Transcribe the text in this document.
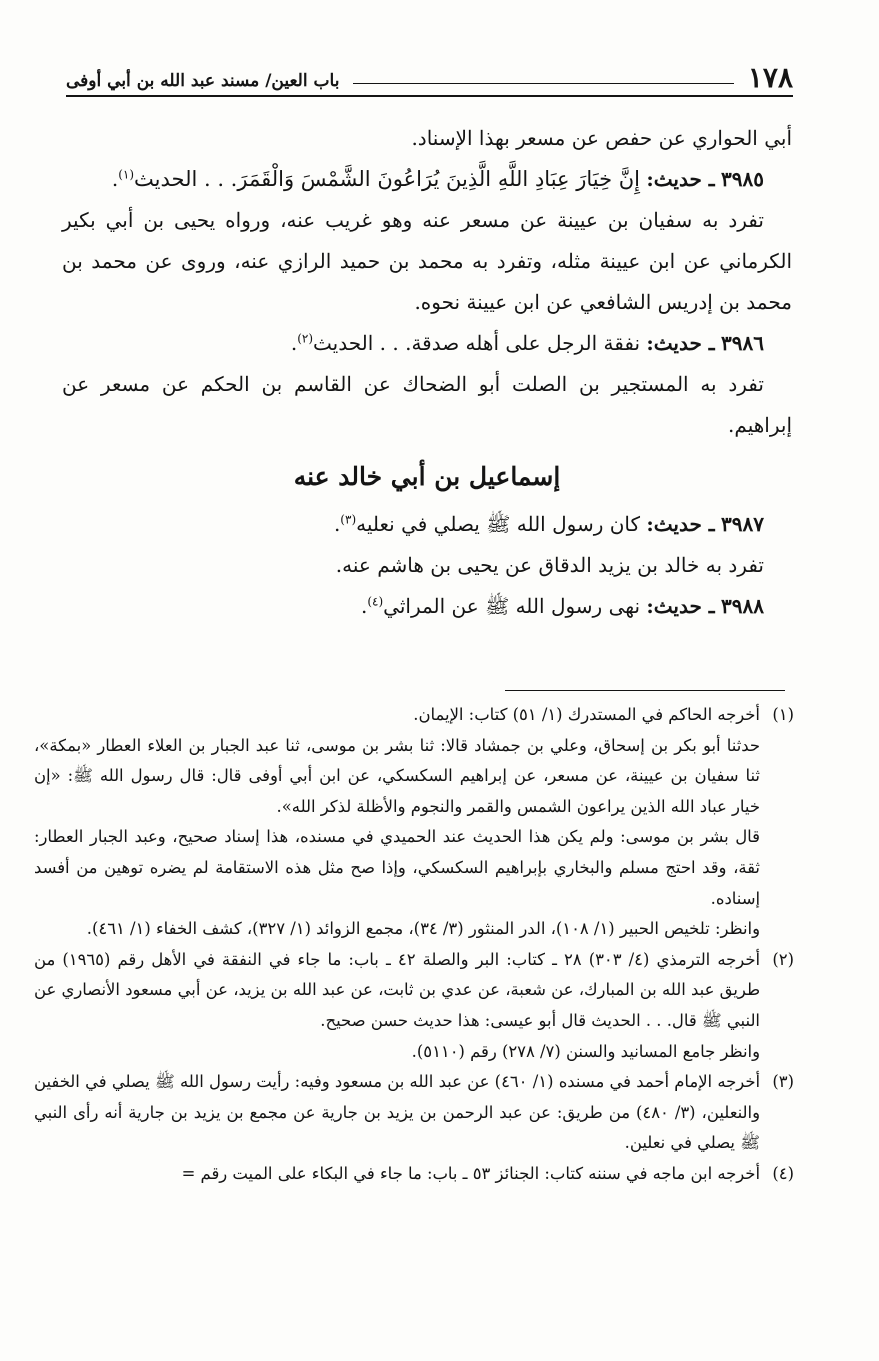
١٧٨
باب العين/ مسند عبد الله بن أبي أوفى

أبي الحواري عن حفص عن مسعر بهذا الإسناد.

٣٩٨٥ ـ حديث: إِنَّ خِيَارَ عِبَادِ اللَّهِ الَّذِينَ يُرَاعُونَ الشَّمْسَ وَالْقَمَرَ. . . الحديث$^{(١)}$.

تفرد به سفيان بن عيينة عن مسعر عنه وهو غريب عنه، ورواه يحيى بن أبي بكير الكرماني عن ابن عيينة مثله، وتفرد به محمد بن حميد الرازي عنه، وروى عن محمد بن محمد بن إدريس الشافعي عن ابن عيينة نحوه.

٣٩٨٦ ـ حديث: نفقة الرجل على أهله صدقة. . . الحديث$^{(٢)}$.

تفرد به المستجير بن الصلت أبو الضحاك عن القاسم بن الحكم عن مسعر عن إبراهيم.

إسماعيل بن أبي خالد عنه

٣٩٨٧ ـ حديث: كان رسول الله ﷺ يصلي في نعليه$^{(٣)}$.

تفرد به خالد بن يزيد الدقاق عن يحيى بن هاشم عنه.

٣٩٨٨ ـ حديث: نهى رسول الله ﷺ عن المراثي$^{(٤)}$.

(١)

أخرجه الحاكم في المستدرك (١/ ٥١) كتاب: الإيمان.

حدثنا أبو بكر بن إسحاق، وعلي بن جمشاد قالا: ثنا بشر بن موسى، ثنا عبد الجبار بن العلاء العطار «بمكة»، ثنا سفيان بن عيينة، عن مسعر، عن إبراهيم السكسكي، عن ابن أبي أوفى قال: قال رسول الله ﷺ: «إن خيار عباد الله الذين يراعون الشمس والقمر والنجوم والأظلة لذكر الله».

قال بشر بن موسى: ولم يكن هذا الحديث عند الحميدي في مسنده، هذا إسناد صحيح، وعبد الجبار العطار: ثقة، وقد احتج مسلم والبخاري بإبراهيم السكسكي، وإذا صح مثل هذه الاستقامة لم يضره توهين من أفسد إسناده.

وانظر: تلخيص الحبير (١/ ١٠٨)، الدر المنثور (٣/ ٣٤)، مجمع الزوائد (١/ ٣٢٧)، كشف الخفاء (١/ ٤٦١).

(٢)

أخرجه الترمذي (٤/ ٣٠٣) ٢٨ ـ كتاب: البر والصلة ٤٢ ـ باب: ما جاء في النفقة في الأهل رقم (١٩٦٥) من طريق عبد الله بن المبارك، عن شعبة، عن عدي بن ثابت، عن عبد الله بن يزيد، عن أبي مسعود الأنصاري عن النبي ﷺ قال. . . الحديث قال أبو عيسى: هذا حديث حسن صحيح.

وانظر جامع المسانيد والسنن (٧/ ٢٧٨) رقم (٥١١٠).

(٣)

أخرجه الإمام أحمد في مسنده (١/ ٤٦٠) عن عبد الله بن مسعود وفيه: رأيت رسول الله ﷺ يصلي في الخفين والنعلين، (٣/ ٤٨٠) من طريق: عن عبد الرحمن بن يزيد بن جارية عن مجمع بن يزيد بن جارية أنه رأى النبي ﷺ يصلي في نعلين.

(٤)

أخرجه ابن ماجه في سننه كتاب: الجنائز ٥٣ ـ باب: ما جاء في البكاء على الميت رقم =
